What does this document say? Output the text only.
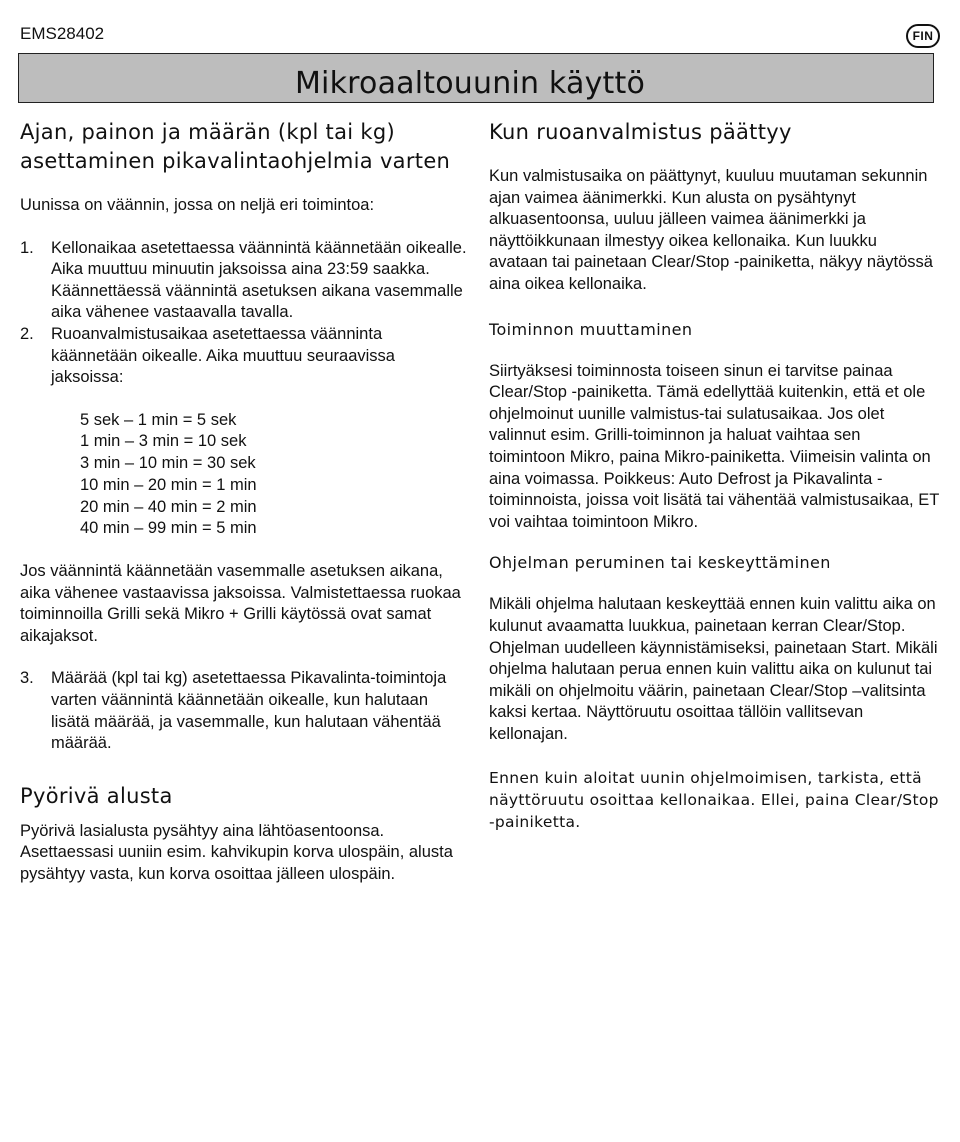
EMS28402	FIN
Mikroaaltouunin käyttö
Ajan, painon ja määrän (kpl tai kg)
asettaminen pikavalintaohjelmia varten

Uunissa on väännin, jossa on neljä eri toimintoa:

1. Kellonaikaa asetettaessa väännintä käännetään oikealle. Aika muuttuu minuutin jaksoissa aina 23:59 saakka. Käännettäessä väännintä asetuksen aikana vasemmalle aika vähenee vastaavalla tavalla.
2. Ruoanvalmistusaikaa asetettaessa väänninta käännetään oikealle. Aika muuttuu seuraavissa jaksoissa:
5 sek – 1 min = 5 sek
1 min – 3 min = 10 sek
3 min – 10 min = 30 sek
10 min – 20 min = 1 min
20 min – 40 min = 2 min
40 min – 99 min = 5 min

Jos väännintä käännetään vasemmalle asetuksen aikana, aika vähenee vastaavissa jaksoissa. Valmistettaessa ruokaa toiminnoilla Grilli sekä Mikro + Grilli käytössä ovat samat aikajaksot.

3. Määrää (kpl tai kg) asetettaessa Pikavalinta-toimintoja varten väännintä käännetään oikealle, kun halutaan lisätä määrää, ja vasemmalle, kun halutaan vähentää määrää.
Pyörivä alusta

Pyörivä lasialusta pysähtyy aina lähtöasentoonsa. Asettaessasi uuniin esim. kahvikupin korva ulospäin, alusta pysähtyy vasta, kun korva osoittaa jälleen ulospäin.

Kun ruoanvalmistus päättyy

Kun valmistusaika on päättynyt, kuuluu muutaman sekunnin ajan vaimea äänimerkki. Kun alusta on pysähtynyt alkuasentoonsa, uuluu jälleen vaimea äänimerkki ja näyttöikkunaan ilmestyy oikea kellonaika. Kun luukku avataan tai painetaan Clear/Stop -painiketta, näkyy näytössä aina oikea kellonaika.

Toiminnon muuttaminen

Siirtyäksesi toiminnosta toiseen sinun ei tarvitse painaa Clear/Stop -painiketta. Tämä edellyttää kuitenkin, että et ole ohjelmoinut uunille valmistus-tai sulatusaikaa. Jos olet valinnut esim. Grilli-toiminnon ja haluat vaihtaa sen toimintoon Mikro, paina Mikro-painiketta. Viimeisin valinta on aina voimassa. Poikkeus: Auto Defrost ja Pikavalinta -toiminnoista, joissa voit lisätä tai vähentää valmistusaikaa, ET voi vaihtaa toimintoon Mikro.

Ohjelman peruminen tai keskeyttäminen

Mikäli ohjelma halutaan keskeyttää ennen kuin valittu aika on kulunut avaamatta luukkua, painetaan kerran Clear/Stop. Ohjelman uudelleen käynnistämiseksi, painetaan Start. Mikäli ohjelma halutaan perua ennen kuin valittu aika on kulunut tai mikäli on ohjelmoitu väärin, painetaan Clear/Stop –valitsinta kaksi kertaa. Näyttöruutu osoittaa tällöin vallitsevan kellonajan.

Ennen kuin aloitat uunin ohjelmoimisen, tarkista, että näyttöruutu osoittaa kellonaikaa. Ellei, paina Clear/Stop -painiketta.
